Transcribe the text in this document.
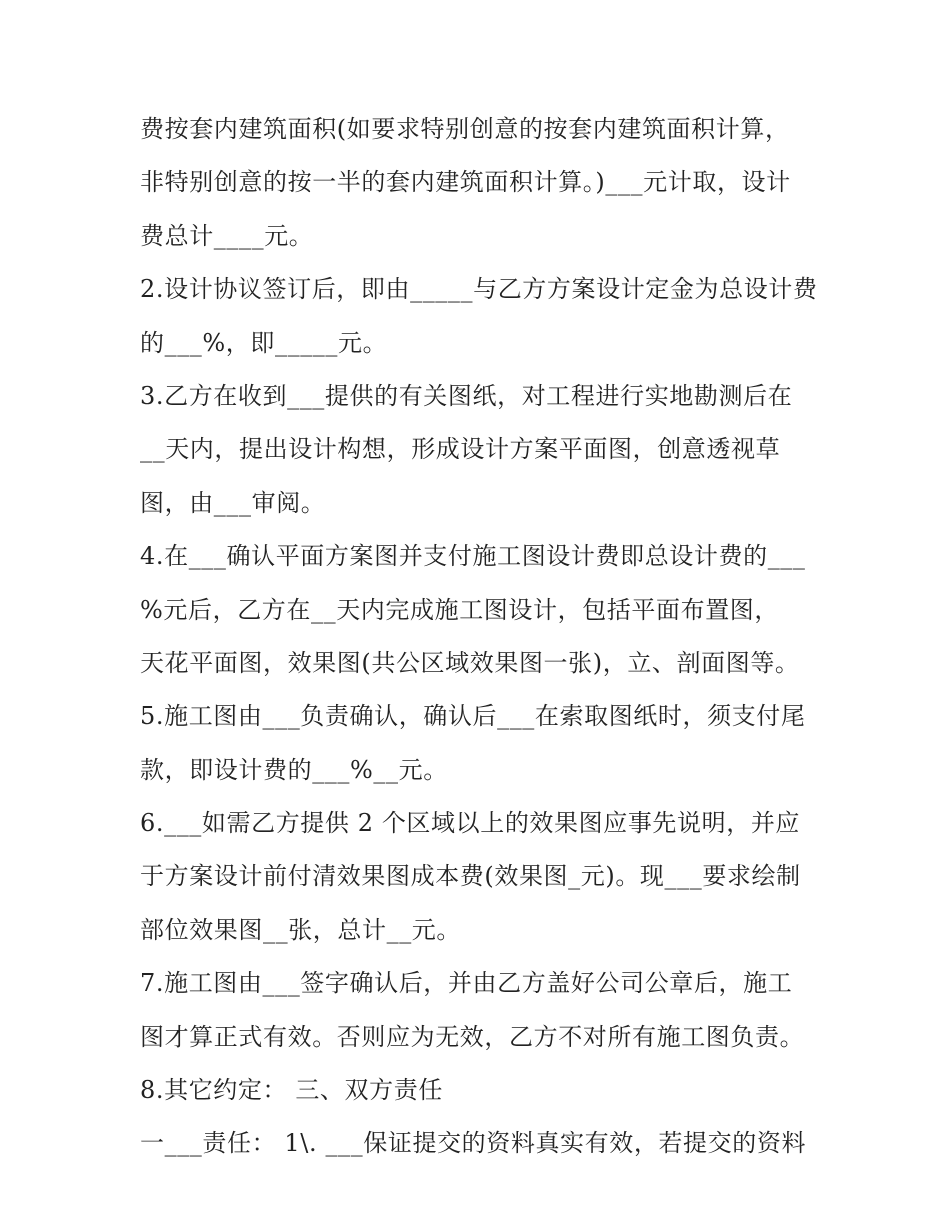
费按套内建筑面积(如要求特别创意的按套内建筑面积计算，
非特别创意的按一半的套内建筑面积计算。)___元计取，设计
费总计____元。
2.设计协议签订后，即由_____与乙方方案设计定金为总设计费
的___%，即_____元。
3.乙方在收到___提供的有关图纸，对工程进行实地勘测后在
__天内，提出设计构想，形成设计方案平面图，创意透视草
图，由___审阅。
4.在___确认平面方案图并支付施工图设计费即总设计费的___
%元后，乙方在__天内完成施工图设计，包括平面布置图，
天花平面图，效果图(共公区域效果图一张)，立、剖面图等。
5.施工图由___负责确认，确认后___在索取图纸时，须支付尾
款，即设计费的___%__元。
6.___如需乙方提供 2 个区域以上的效果图应事先说明，并应
于方案设计前付清效果图成本费(效果图_元)。现___要求绘制
部位效果图__张，总计__元。
7.施工图由___签字确认后，并由乙方盖好公司公章后，施工
图才算正式有效。否则应为无效，乙方不对所有施工图负责。
8.其它约定： 三、双方责任
一___责任： 1\. ___保证提交的资料真实有效，若提交的资料
